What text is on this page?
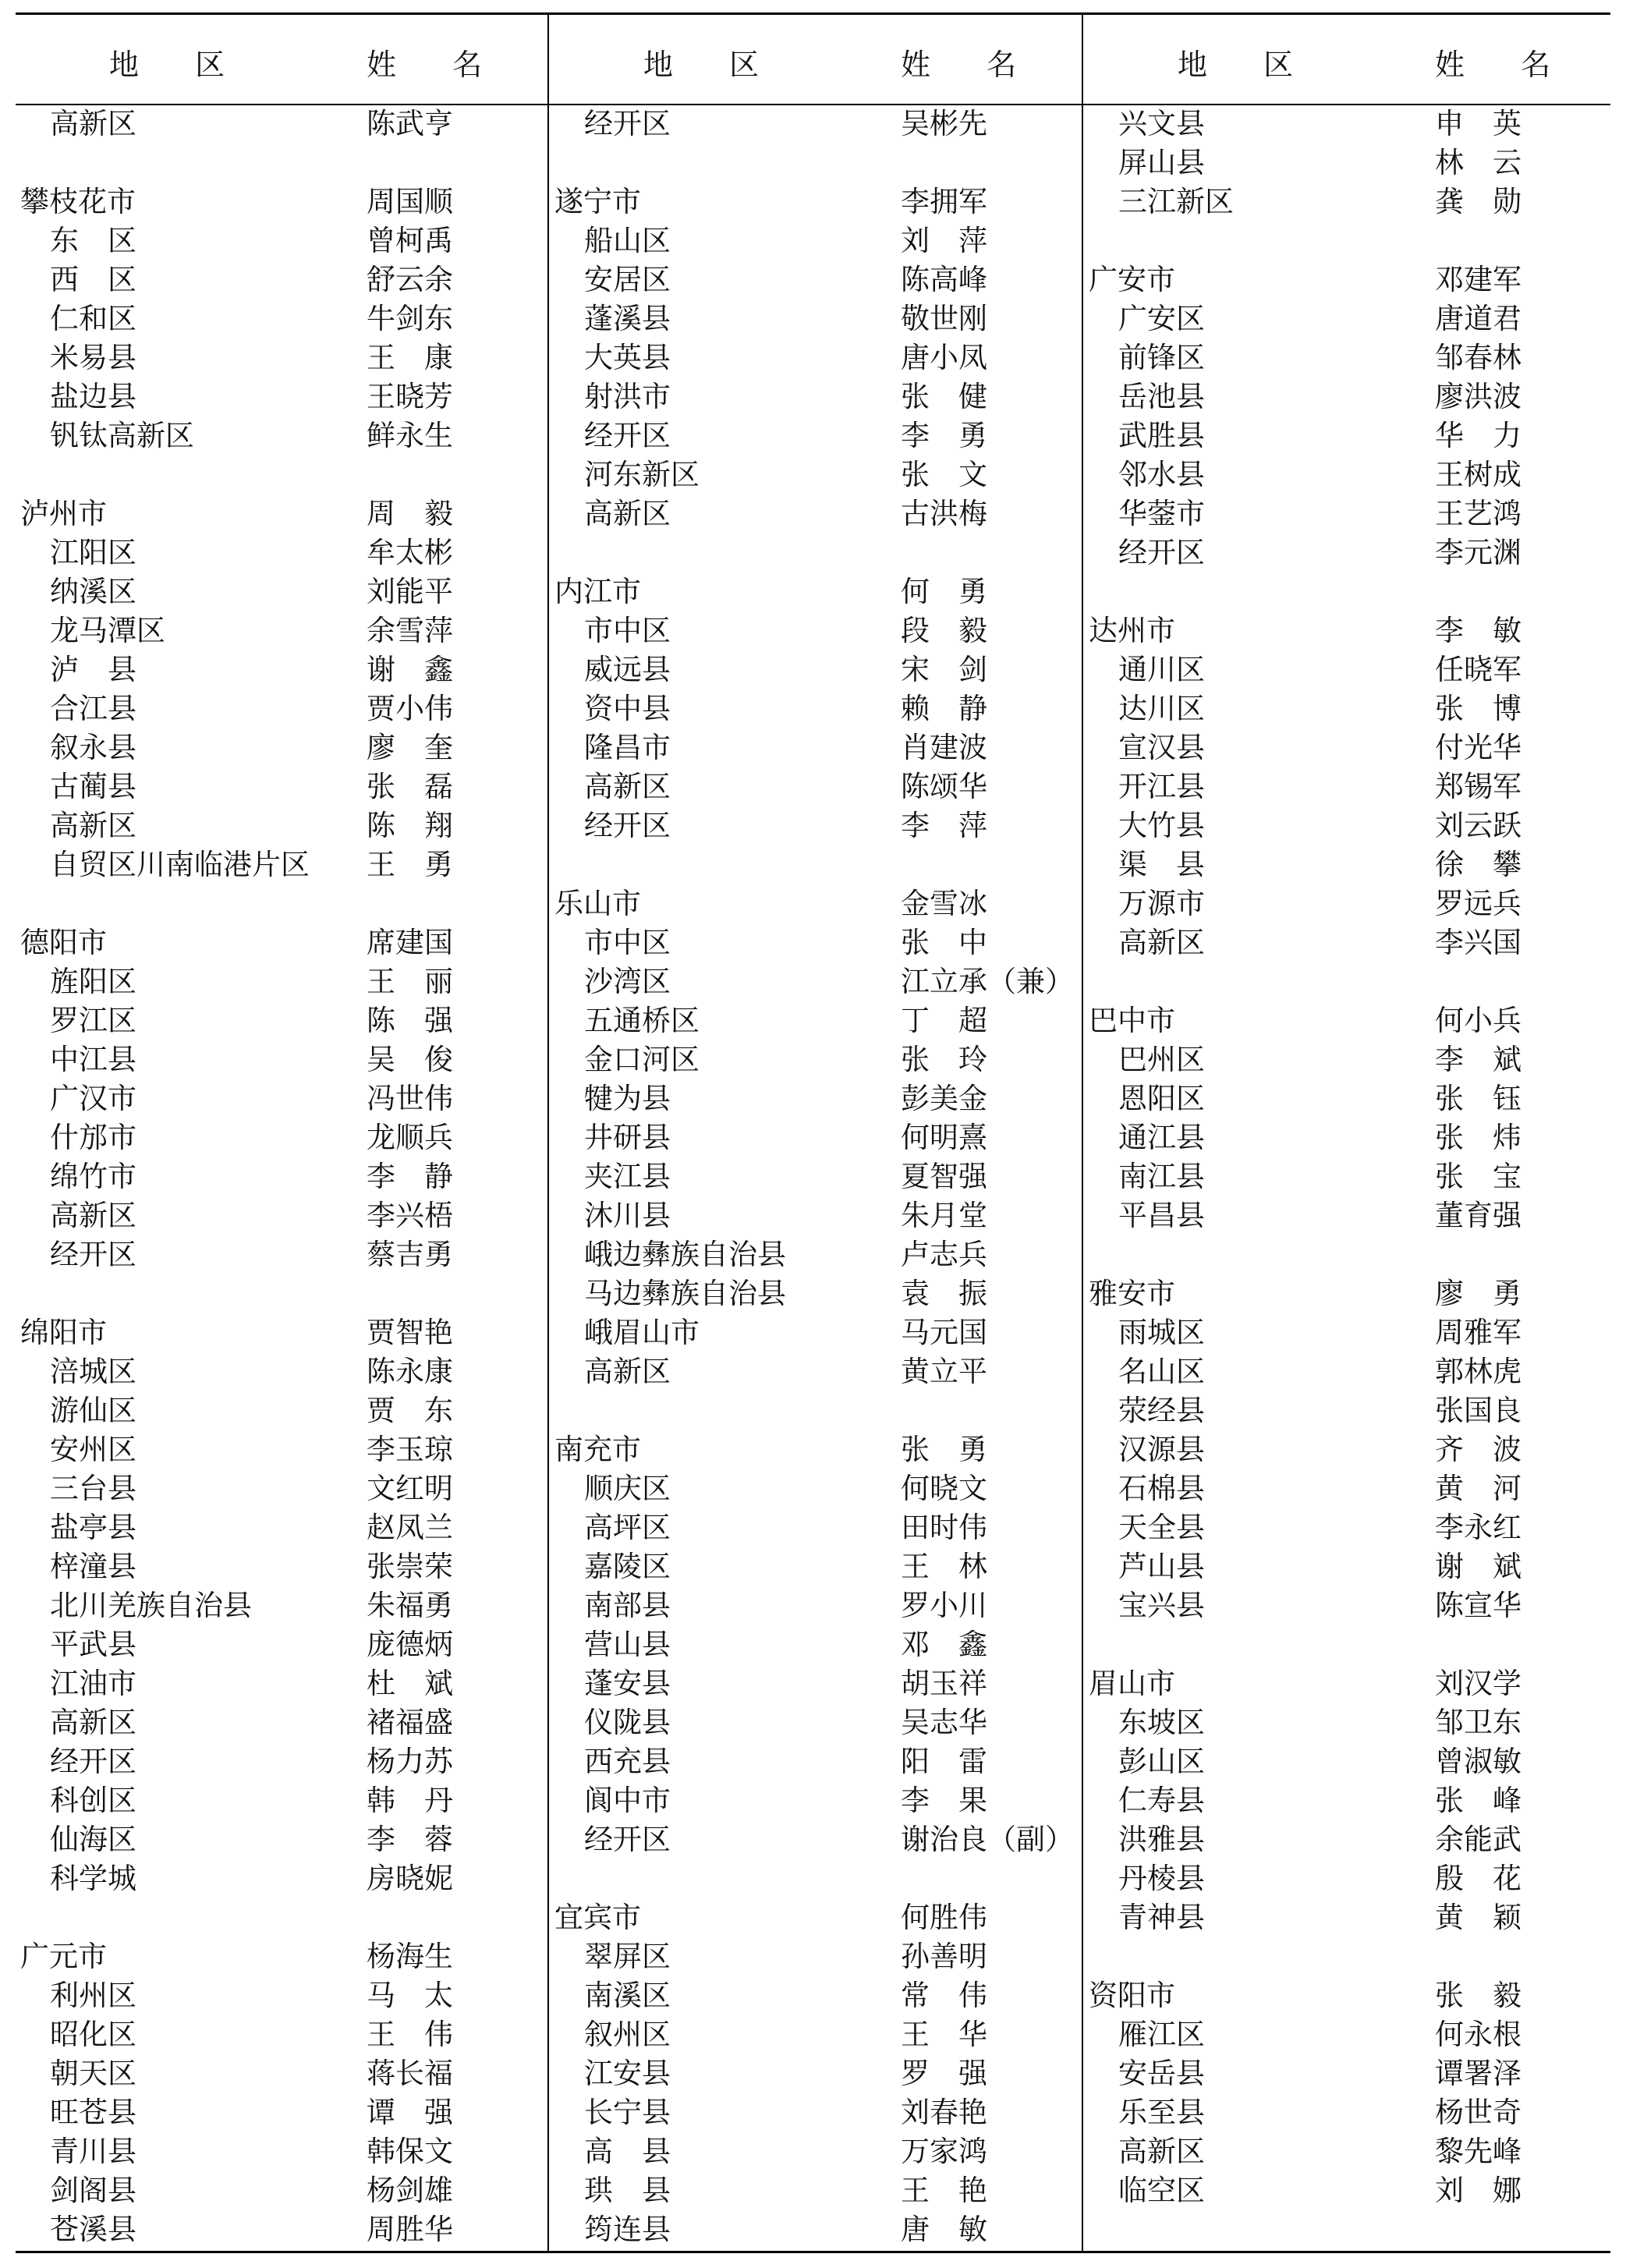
地 区	姓 名
高新区	陈武亨
攀枝花市	周国顺
东　区	曾柯禹
西　区	舒云余
仁和区	牛剑东
米易县	王　康
盐边县	王晓芳
钒钛高新区	鲜永生
泸州市	周　毅
江阳区	牟太彬
纳溪区	刘能平
龙马潭区	余雪萍
泸　县	谢　鑫
合江县	贾小伟
叙永县	廖　奎
古蔺县	张　磊
高新区	陈　翔
自贸区川南临港片区 王　勇
德阳市	席建国
旌阳区	王　丽
罗江区	陈　强
中江县	吴　俊
广汉市	冯世伟
什邡市	龙顺兵
绵竹市	李　静
高新区	李兴梧
经开区	蔡吉勇
绵阳市	贾智艳
涪城区	陈永康
游仙区	贾　东
安州区	李玉琼
三台县	文红明
盐亭县	赵凤兰
梓潼县	张崇荣
北川羌族自治县	朱福勇
平武县	庞德炳
江油市	杜　斌
高新区	褚福盛
经开区	杨力苏
科创区	韩　丹
仙海区	李　蓉
科学城	房晓妮
广元市	杨海生
利州区	马　太
昭化区	王　伟
朝天区	蒋长福
旺苍县	谭　强
青川县	韩保文
剑阁县	杨剑雄
苍溪县	周胜华
地 区	姓 名
经开区	吴彬先
遂宁市	李拥军
船山区	刘　萍
安居区	陈高峰
蓬溪县	敬世刚
大英县	唐小凤
射洪市	张　健
经开区	李　勇
河东新区	张　文
高新区	古洪梅
内江市	何　勇
市中区	段　毅
威远县	宋　剑
资中县	赖　静
隆昌市	肖建波
高新区	陈颂华
经开区	李　萍
乐山市	金雪冰
市中区	张　中
沙湾区	江立承（兼）
五通桥区	丁　超
金口河区	张　玲
犍为县	彭美金
井研县	何明熹
夹江县	夏智强
沐川县	朱月堂
峨边彝族自治县	卢志兵
马边彝族自治县	袁　振
峨眉山市	马元国
高新区	黄立平
南充市	张　勇
顺庆区	何晓文
高坪区	田时伟
嘉陵区	王　林
南部县	罗小川
营山县	邓　鑫
蓬安县	胡玉祥
仪陇县	吴志华
西充县	阳　雷
阆中市	李　果
经开区	谢治良（副）
宜宾市	何胜伟
翠屏区	孙善明
南溪区	常　伟
叙州区	王　华
江安县	罗　强
长宁县	刘春艳
高　县	万家鸿
珙　县	王　艳
筠连县	唐　敏
地 区	姓 名
兴文县	申　英
屏山县	林　云
三江新区	龚　勋
广安市	邓建军
广安区	唐道君
前锋区	邹春林
岳池县	廖洪波
武胜县	华　力
邻水县	王树成
华蓥市	王艺鸿
经开区	李元渊
达州市	李　敏
通川区	任晓军
达川区	张　博
宣汉县	付光华
开江县	郑锡军
大竹县	刘云跃
渠　县	徐　攀
万源市	罗远兵
高新区	李兴国
巴中市	何小兵
巴州区	李　斌
恩阳区	张　钰
通江县	张　炜
南江县	张　宝
平昌县	董育强
雅安市	廖　勇
雨城区	周雅军
名山区	郭林虎
荥经县	张国良
汉源县	齐　波
石棉县	黄　河
天全县	李永红
芦山县	谢　斌
宝兴县	陈宣华
眉山市	刘汉学
东坡区	邹卫东
彭山区	曾淑敏
仁寿县	张　峰
洪雅县	余能武
丹棱县	殷　花
青神县	黄　颖
资阳市	张　毅
雁江区	何永根
安岳县	谭署泽
乐至县	杨世奇
高新区	黎先峰
临空区	刘　娜
